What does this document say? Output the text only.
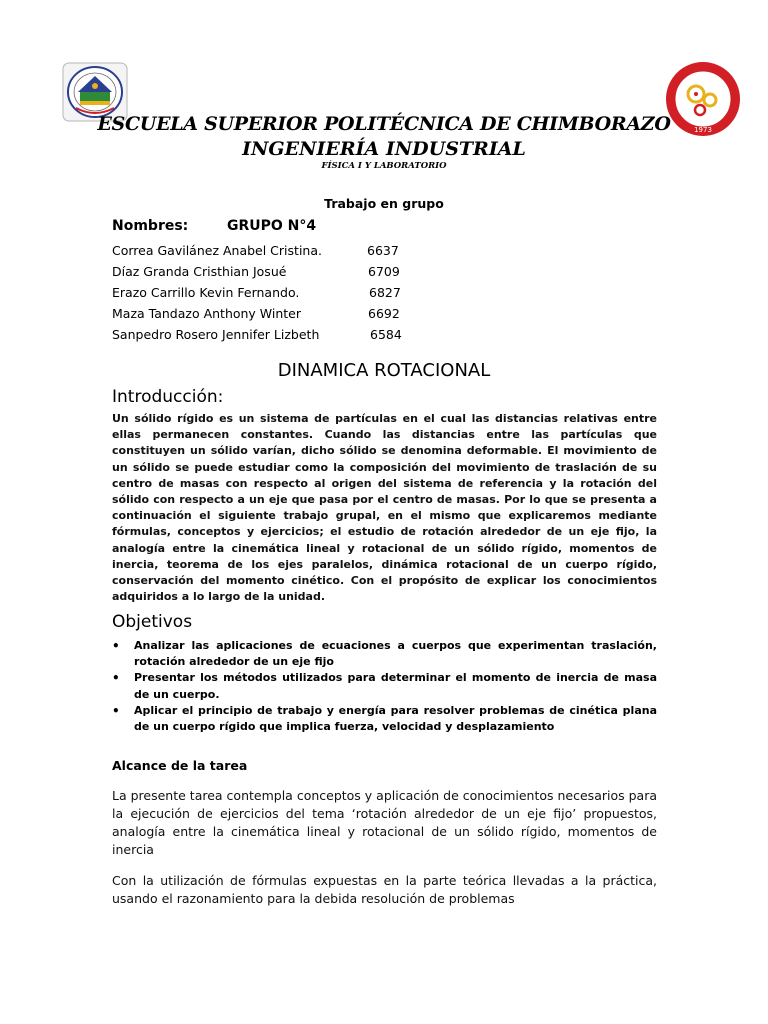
1973
ESCUELA SUPERIOR POLITÉCNICA DE CHIMBORAZO
INGENIERÍA INDUSTRIAL
FÍSICA I Y LABORATORIO
Trabajo en grupo
Nombres:	GRUPO N°4
Correa Gavilánez Anabel Cristina.	6637
Díaz Granda Cristhian Josué	6709
Erazo Carrillo Kevin Fernando.	6827
Maza Tandazo Anthony Winter	6692
Sanpedro Rosero Jennifer Lizbeth	6584
DINAMICA ROTACIONAL
Introducción:
Un sólido rígido es un sistema de partículas en el cual las distancias relativas entre ellas permanecen constantes. Cuando las distancias entre las partículas que constituyen un sólido varían, dicho sólido se denomina deformable. El movimiento de un sólido se puede estudiar como la composición del movimiento de traslación de su centro de masas con respecto al origen del sistema de referencia y la rotación del sólido con respecto a un eje que pasa por el centro de masas. Por lo que se presenta a continuación el siguiente trabajo grupal, en el mismo que explicaremos mediante fórmulas, conceptos y ejercicios; el estudio de rotación alrededor de un eje fijo, la analogía entre la cinemática lineal y rotacional de un sólido rígido, momentos de inercia, teorema de los ejes paralelos, dinámica rotacional de un cuerpo rígido, conservación del momento cinético. Con el propósito de explicar los conocimientos adquiridos a lo largo de la unidad.
Objetivos
• Analizar las aplicaciones de ecuaciones a cuerpos que experimentan traslación, rotación alrededor de un eje fijo
• Presentar los métodos utilizados para determinar el momento de inercia de masa de un cuerpo.
• Aplicar el principio de trabajo y energía para resolver problemas de cinética plana de un cuerpo rígido que implica fuerza, velocidad y desplazamiento
Alcance de la tarea
La presente tarea contempla conceptos y aplicación de conocimientos necesarios para la ejecución de ejercicios del tema ‘rotación alrededor de un eje fijo’ propuestos, analogía entre la cinemática lineal y rotacional de un sólido rígido, momentos de inercia
Con la utilización de fórmulas expuestas en la parte teórica llevadas a la práctica, usando el razonamiento para la debida resolución de problemas
